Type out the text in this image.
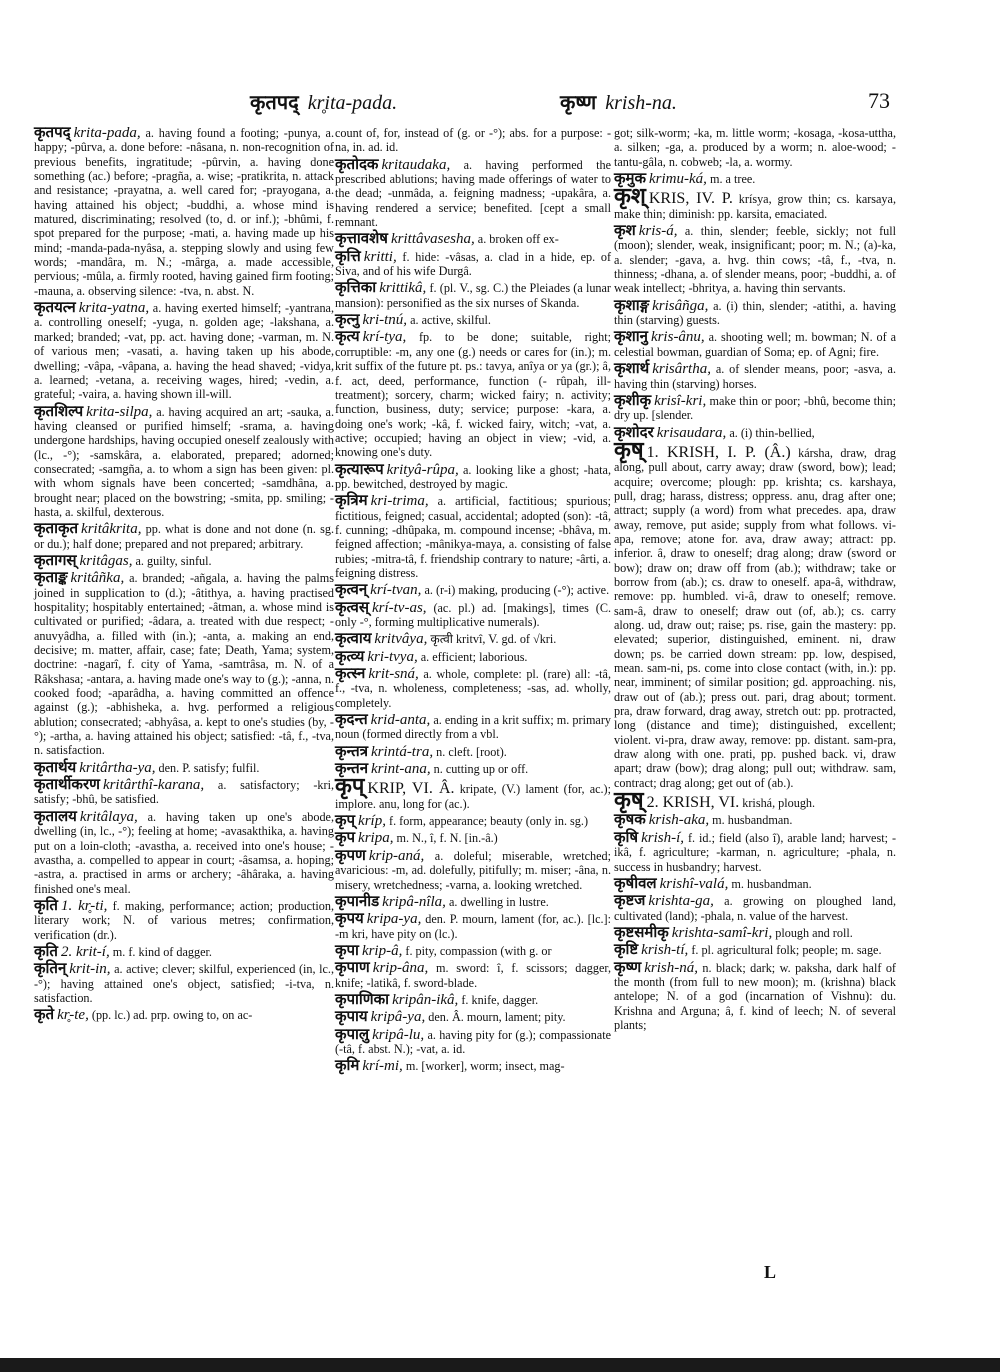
कृतपद् kr̥ita-pada.	कृष्ण krish-na.	73

कृतपद् krita-pada, a. having found a footing; -punya, a. happy; -pûrva, a. done before: -nâsana, n. non-recognition of previous benefits, ingratitude; -pûrvin, a. having done something (ac.) before; -pragña, a. wise; -pratikrita, n. attack and resistance; -prayatna, a. well cared for; -prayogana, a. having attained his object; -buddhi, a. whose mind is matured, discriminating; resolved (to, d. or inf.); -bhûmi, f. spot prepared for the purpose; -mati, a. having made up his mind; -manda-pada-nyâsa, a. stepping slowly and using few words; -mandâra, m. N.; -mârga, a. made accessible, pervious; -mûla, a. firmly rooted, having gained firm footing; -mauna, a. observing silence: -tva, n. abst. N.

कृतयत्न krita-yatna, a. having exerted himself; -yantrana, a. controlling oneself; -yuga, n. golden age; -lakshana, a. marked; branded; -vat, pp. act. having done; -varman, m. N. of various men; -vasati, a. having taken up his abode, dwelling; -vâpa, -vâpana, a. having the head shaved; -vidya, a. learned; -vetana, a. receiving wages, hired; -vedin, a. grateful; -vaira, a. having shown ill-will.

कृतशिल्प krita-silpa, a. having acquired an art; -sauka, a. having cleansed or purified himself; -srama, a. having undergone hardships, having occupied oneself zealously with (lc., -°); -samskâra, a. elaborated, prepared; adorned; consecrated; -samgña, a. to whom a sign has been given: pl. with whom signals have been concerted; -samdhâna, a. brought near; placed on the bowstring; -smita, pp. smiling; -hasta, a. skilful, dexterous.

कृताकृत kritâkrita, pp. what is done and not done (n. sg. or du.); half done; prepared and not prepared; arbitrary.

कृतागस् kritâgas, a. guilty, sinful.

कृताङ्क kritâñka, a. branded; -añgala, a. having the palms joined in supplication to (d.); -âtithya, a. having practised hospitality; hospitably entertained; -âtman, a. whose mind is cultivated or purified; -âdara, a. treated with due respect; -anuvyâdha, a. filled with (in.); -anta, a. making an end, decisive; m. matter, affair, case; fate; Death, Yama; system, doctrine: -nagarî, f. city of Yama, -samtrâsa, m. N. of a Râkshasa; -antara, a. having made one's way to (g.); -anna, n. cooked food; -aparâdha, a. having committed an offence against (g.); -abhisheka, a. hvg. performed a religious ablution; consecrated; -abhyâsa, a. kept to one's studies (by, -°); -artha, a. having attained his object; satisfied: -tâ, f., -tva, n. satisfaction.

कृतार्थय kritârtha-ya, den. P. satisfy; fulfil.

कृतार्थीकरण kritârthî-karana, a. satisfactory; -kri, satisfy; -bhû, be satisfied.

कृतालय kritâlaya, a. having taken up one's abode, dwelling (in, lc., -°); feeling at home; -avasakthika, a. having put on a loin-cloth; -avastha, a. received into one's house; -avastha, a. compelled to appear in court; -âsamsa, a. hoping; -astra, a. practised in arms or archery; -âhâraka, a. having finished one's meal.

कृति 1. kr̥-ti, f. making, performance; action; production, literary work; N. of various metres; confirmation, verification (dr.).

कृति 2. krit-í, m. f. kind of dagger.

कृतिन् krit-in, a. active; clever; skilful, experienced (in, lc., -°); having attained one's object, satisfied; -i-tva, n. satisfaction.

कृते kr̥-te, (pp. lc.) ad. prp. owing to, on ac-

count of, for, instead of (g. or -°); abs. for a purpose: -na, in. ad. id.

कृतोदक kritaudaka, a. having performed the prescribed ablutions; having made offerings of water to the dead; -unmâda, a. feigning madness; -upakâra, a. having rendered a service; benefited. [cept a small remnant.

कृत्तावशेष krittâvasesha, a. broken off ex-

कृत्ति kritti, f. hide: -vâsas, a. clad in a hide, ep. of Siva, and of his wife Durgâ.

कृत्तिका krittikâ, f. (pl. V., sg. C.) the Pleiades (a lunar mansion): personified as the six nurses of Skanda.

कृत्नु kri-tnú, a. active, skilful.

कृत्य krí-tya, fp. to be done; suitable, right; corruptible: -m, any one (g.) needs or cares for (in.); m. krit suffix of the future pt. ps.: tavya, anîya or ya (gr.); â, f. act, deed, performance, function (- rûpah, ill-treatment); sorcery, charm; wicked fairy; n. activity; function, business, duty; service; purpose: -kara, a. doing one's work; -kâ, f. wicked fairy, witch; -vat, a. active; occupied; having an object in view; -vid, a. knowing one's duty.

कृत्यारूप krityâ-rûpa, a. looking like a ghost; -hata, pp. bewitched, destroyed by magic.

कृत्रिम kri-trima, a. artificial, factitious; spurious; fictitious, feigned; casual, accidental; adopted (son): -tâ, f. cunning; -dhûpaka, m. compound incense; -bhâva, m. feigned affection; -mânikya-maya, a. consisting of false rubies; -mitra-tâ, f. friendship contrary to nature; -ârti, a. feigning distress.

कृत्वन् krí-tvan, a. (r-i) making, producing (-°); active.

कृत्वस् krí-tv-as, (ac. pl.) ad. [makings], times (C. only -°, forming multiplicative numerals).

कृत्वाय kritvâya, कृत्वी kritvî, V. gd. of √kri.

कृत्व्य kri-tvya, a. efficient; laborious.

कृत्स्न krit-sná, a. whole, complete: pl. (rare) all: -tâ, f., -tva, n. wholeness, completeness; -sas, ad. wholly, completely.

कृदन्त krid-anta, a. ending in a krit suffix; m. primary noun (formed directly from a vbl.

कृन्तत्र krintá-tra, n. cleft. [root).

कृन्तन krint-ana, n. cutting up or off.

कृप् KRIP, VI. Â. kripate, (V.) lament (for, ac.); implore. anu, long for (ac.).

कृप् kríp, f. form, appearance; beauty (only in. sg.)

कृप kripa, m. N., î, f. N. [in.-â.)

कृपण krip-aná, a. doleful; miserable, wretched; avaricious: -m, ad. dolefully, pitifully; m. miser; -âna, n. misery, wretchedness; -varna, a. looking wretched.

कृपानीड kripâ-nîla, a. dwelling in lustre.

कृपय kripa-ya, den. P. mourn, lament (for, ac.). [lc.]: -m kri, have pity on (lc.).

कृपा krip-â, f. pity, compassion (with g. or

कृपाण krip-âna, m. sword: î, f. scissors; dagger, knife; -latikâ, f. sword-blade.

कृपाणिका kripân-ikâ, f. knife, dagger.

कृपाय kripâ-ya, den. Â. mourn, lament; pity.

कृपालु kripâ-lu, a. having pity for (g.); compassionate (-tâ, f. abst. N.); -vat, a. id.

कृमि krí-mi, m. [worker], worm; insect, mag-

got; silk-worm; -ka, m. little worm; -kosaga, -kosa-uttha, a. silken; -ga, a. produced by a worm; n. aloe-wood; -tantu-gâla, n. cobweb; -la, a. wormy.

कृमुक krimu-ká, m. a tree.

कृश् KRIS, IV. P. krísya, grow thin; cs. karsaya, make thin; diminish: pp. karsita, emaciated.

कृश kris-á, a. thin, slender; feeble, sickly; not full (moon); slender, weak, insignificant; poor; m. N.; (a)-ka, a. slender; -gava, a. hvg. thin cows; -tâ, f., -tva, n. thinness; -dhana, a. of slender means, poor; -buddhi, a. of weak intellect; -bhritya, a. having thin servants.

कृशाङ्ग krisâñga, a. (i) thin, slender; -atithi, a. having thin (starving) guests.

कृशानु kris-ânu, a. shooting well; m. bowman; N. of a celestial bowman, guardian of Soma; ep. of Agni; fire.

कृशार्थ krisârtha, a. of slender means, poor; -asva, a. having thin (starving) horses.

कृशीकृ krisî-kri, make thin or poor; -bhû, become thin; dry up. [slender.

कृशोदर krisaudara, a. (i) thin-bellied,

कृष् 1. KRISH, I. P. (Â.) kársha, draw, drag along, pull about, carry away; draw (sword, bow); lead; acquire; overcome; plough: pp. krishta; cs. karshaya, pull, drag; harass, distress; oppress. anu, drag after one; attract; supply (a word) from what precedes. apa, draw away, remove, put aside; supply from what follows. vi-apa, remove; atone for. ava, draw away; attract: pp. inferior. â, draw to oneself; drag along; draw (sword or bow); draw on; draw off from (ab.); withdraw; take or borrow from (ab.); cs. draw to oneself. apa-â, withdraw, remove: pp. humbled. vi-â, draw to oneself; remove. sam-â, draw to oneself; draw out (of, ab.); cs. carry along. ud, draw out; raise; ps. rise, gain the mastery: pp. elevated; superior, distinguished, eminent. ni, draw down; ps. be carried down stream: pp. low, despised, mean. sam-ni, ps. come into close contact (with, in.): pp. near, imminent; of similar position; gd. approaching. nis, draw out of (ab.); press out. pari, drag about; torment. pra, draw forward, drag away, stretch out: pp. protracted, long (distance and time); distinguished, excellent; violent. vi-pra, draw away, remove: pp. distant. sam-pra, draw along with one. prati, pp. pushed back. vi, draw apart; draw (bow); drag along; pull out; withdraw. sam, contract; drag along; get out of (ab.).

कृष् 2. KRISH, VI. krishá, plough.

कृषक krish-aka, m. husbandman.

कृषि krish-í, f. id.; field (also î), arable land; harvest; -ikâ, f. agriculture; -karman, n. agriculture; -phala, n. success in husbandry; harvest.

कृषीवल krishî-valá, m. husbandman.

कृष्टज krishta-ga, a. growing on ploughed land, cultivated (land); -phala, n. value of the harvest.

कृष्टसमीकृ krishta-samî-kri, plough and roll.

कृष्टि krish-tí, f. pl. agricultural folk; people; m. sage.

कृष्ण krish-ná, n. black; dark; w. paksha, dark half of the month (from full to new moon); m. (krishna) black antelope; N. of a god (incarnation of Vishnu): du. Krishna and Arguna; â, f. kind of leech; N. of several plants;

L
